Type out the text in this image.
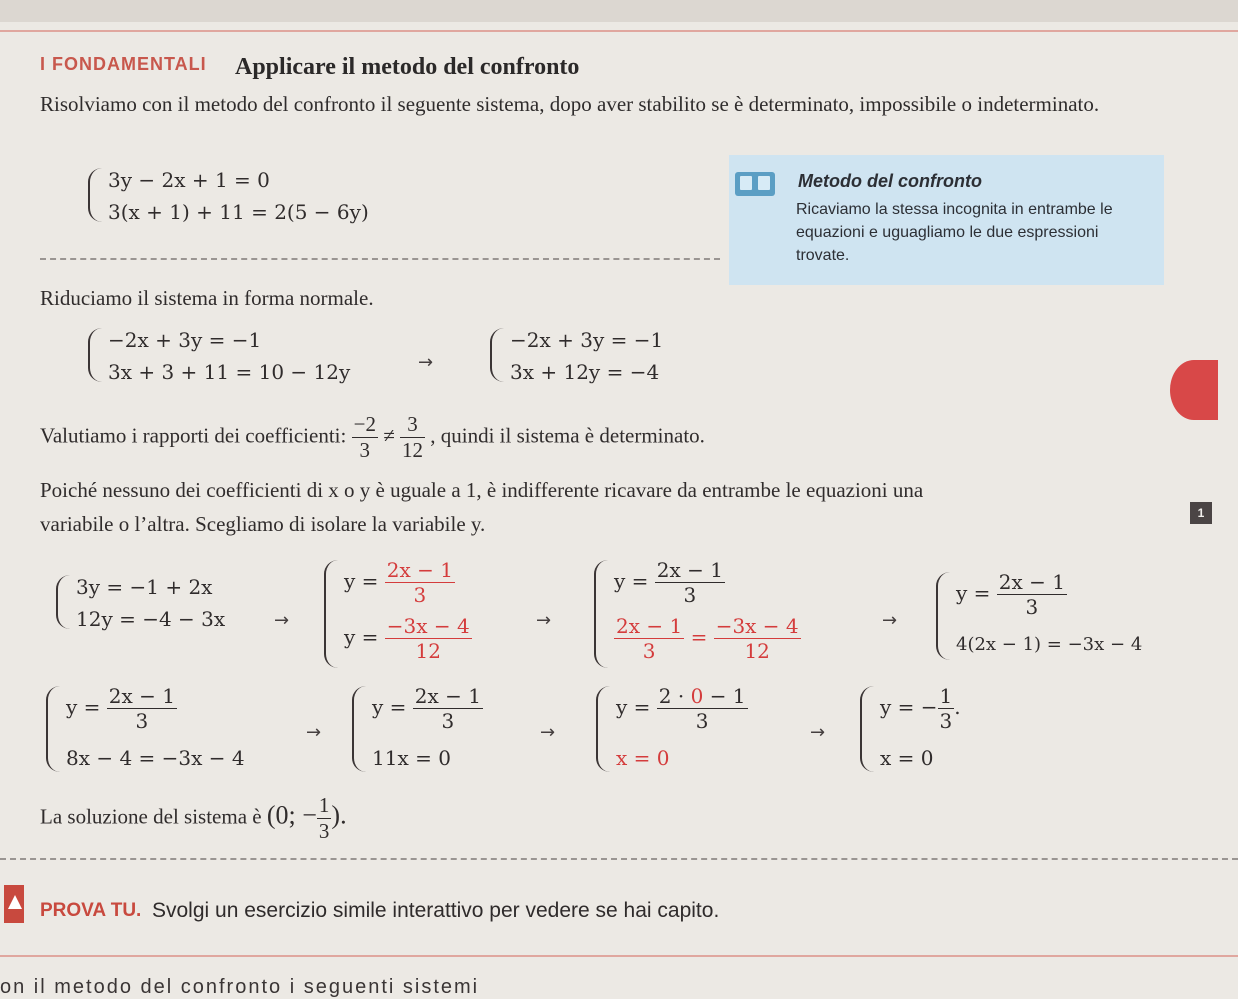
I FONDAMENTALI Applicare il metodo del confronto
Risolviamo con il metodo del confronto il seguente sistema, dopo aver stabilito se è determinato, impossibile o indeterminato.
3y − 2x + 1 = 0
3(x + 1) + 11 = 2(5 − 6y)
Metodo del confronto
Ricaviamo la stessa incognita in entrambe le equazioni e uguagliamo le due espressioni trovate.
Riduciamo il sistema in forma normale.
−2x + 3y = −1
3x + 3 + 11 = 10 − 12y	→
−2x + 3y = −1
3x + 12y = −4
Valutiamo i rapporti dei coefficienti: $\frac{-2}{3} \ne \frac{3}{12}$ , quindi il sistema è determinato.
Poiché nessuno dei coefficienti di x o y è uguale a 1, è indifferente ricavare da entrambe le equazioni una
variabile o l’altra. Scegliamo di isolare la variabile y.	1
3y = −1 + 2x
12y = −4 − 3x	→
$y = \frac{2x - 1}{3}$
$y = \frac{-3x - 4}{12}$	→
$y = \frac{2x - 1}{3}$
$\frac{2x - 1}{3} = \frac{-3x - 4}{12}$	→
$y = \frac{2x - 1}{3}$
4(2x − 1) = −3x − 4
$y = \frac{2x - 1}{3}$
8x − 4 = −3x − 4
→
$y = \frac{2x - 1}{3}$
11x = 0
→
$y = \frac{2 \cdot 0 - 1}{3}$
x = 0
→
y = − $\frac{1}{3}$ .
x = 0
La soluzione del sistema è (0; − $\frac{1}{3}$ ).
PROVA TU. Svolgi un esercizio simile interattivo per vedere se hai capito.
on il metodo del confronto i seguenti sistemi
